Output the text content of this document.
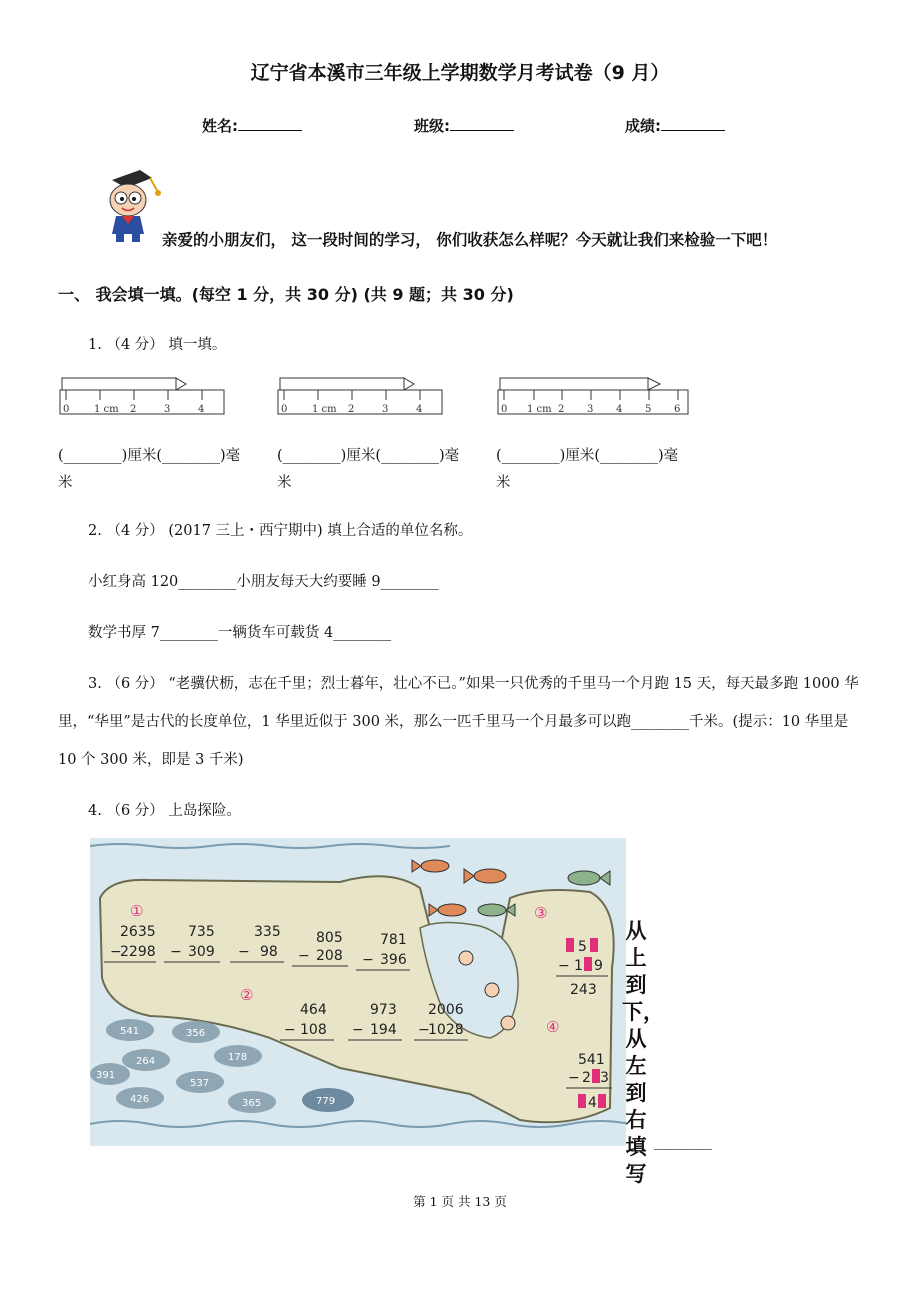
辽宁省本溪市三年级上学期数学月考试卷（9 月）
姓名:	班级:	成绩:
亲爱的小朋友们， 这一段时间的学习， 你们收获怎么样呢？今天就让我们来检验一下吧！
一、 我会填一填。(每空 1 分，共 30 分) (共 9 题；共 30 分)
1. （4 分） 填一填。
0 1 cm 2	3	4	0 1 cm 2	3	4	0 1 cm 2 3 4 5 6
(________)厘米(________)毫
米
(________)厘米(________)毫
米
(________)厘米(________)毫
米
2. （4 分） (2017 三上・西宁期中) 填上合适的单位名称。
小红身高 120________小朋友每天大约要睡 9________
数学书厚 7________一辆货车可载货 4________
3. （6 分） “老骥伏枥，志在千里；烈士暮年，壮心不已。”如果一只优秀的千里马一个月跑 15 天，每天最多跑 1000 华里，“华里”是古代的长度单位，1 华里近似于 300 米，那么一匹千里马一个月最多可以跑________千米。(提示：10 华里是 10 个 300 米，即是 3 千米)
4. （6 分） 上岛探险。
①
②
③
④
2635
−
2298
735
− 309
335
− 98
805
− 208
781
− 396
464
− 108
973
− 194
2006
−
1028
5
− 1 9
243
541
− 2 3
4
541	356
264	178
391
537
426	365	779
从上到下，从左到右填写
________
第 1 页 共 13 页
